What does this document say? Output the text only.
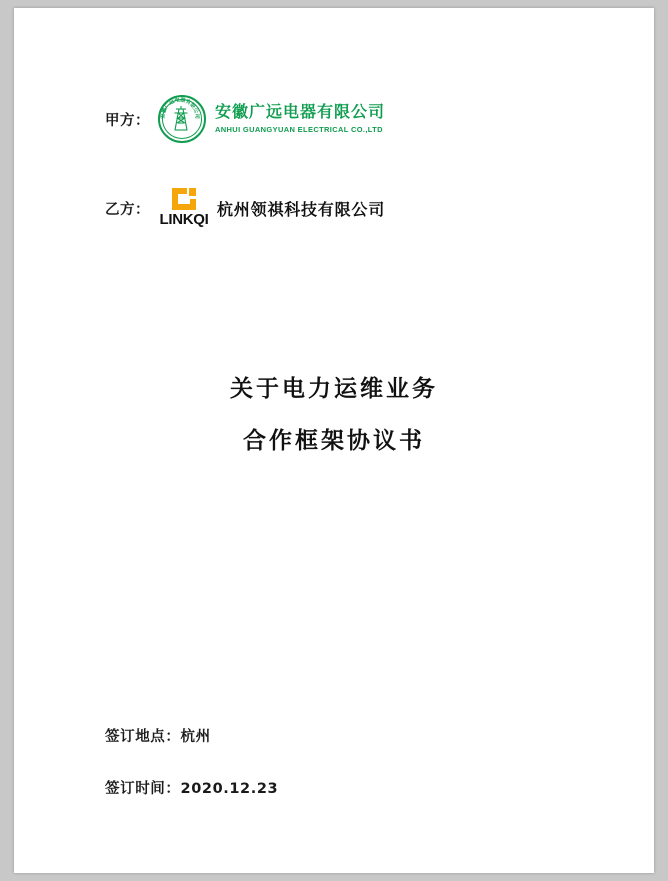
甲方：	安徽广远电器有限公司 安徽广远电器有限公司
ANHUI GUANGYUAN ELECTRICAL CO.,LTD
乙方：
LINKQI
杭州领祺科技有限公司
关于电力运维业务
合作框架协议书
签订地点：杭州
签订时间：2020.12.23
